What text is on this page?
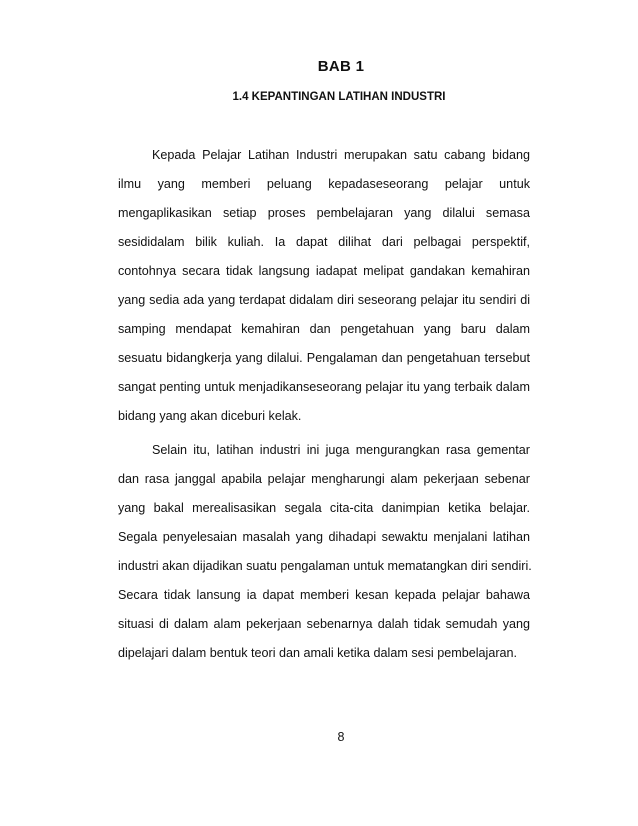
BAB 1
1.4 KEPANTINGAN LATIHAN INDUSTRI
Kepada Pelajar Latihan Industri merupakan satu cabang bidang
ilmu yang memberi peluang kepadaseseorang pelajar untuk
mengaplikasikan setiap proses pembelajaran yang dilalui semasa
sesididalam bilik kuliah. Ia dapat dilihat dari pelbagai perspektif,
contohnya secara tidak langsung iadapat melipat gandakan kemahiran
yang sedia ada yang terdapat didalam diri seseorang pelajar itu sendiri di
samping mendapat kemahiran dan pengetahuan yang baru dalam
sesuatu bidangkerja yang dilalui. Pengalaman dan pengetahuan tersebut
sangat penting untuk menjadikanseseorang pelajar itu yang terbaik dalam
bidang yang akan diceburi kelak.
Selain itu, latihan industri ini juga mengurangkan rasa gementar
dan rasa janggal apabila pelajar mengharungi alam pekerjaan sebenar
yang bakal merealisasikan segala cita-cita danimpian ketika belajar.
Segala penyelesaian masalah yang dihadapi sewaktu menjalani latihan
industri akan dijadikan suatu pengalaman untuk mematangkan diri sendiri.
Secara tidak lansung ia dapat memberi kesan kepada pelajar bahawa
situasi di dalam alam pekerjaan sebenarnya dalah tidak semudah yang
dipelajari dalam bentuk teori dan amali ketika dalam sesi pembelajaran.
8
